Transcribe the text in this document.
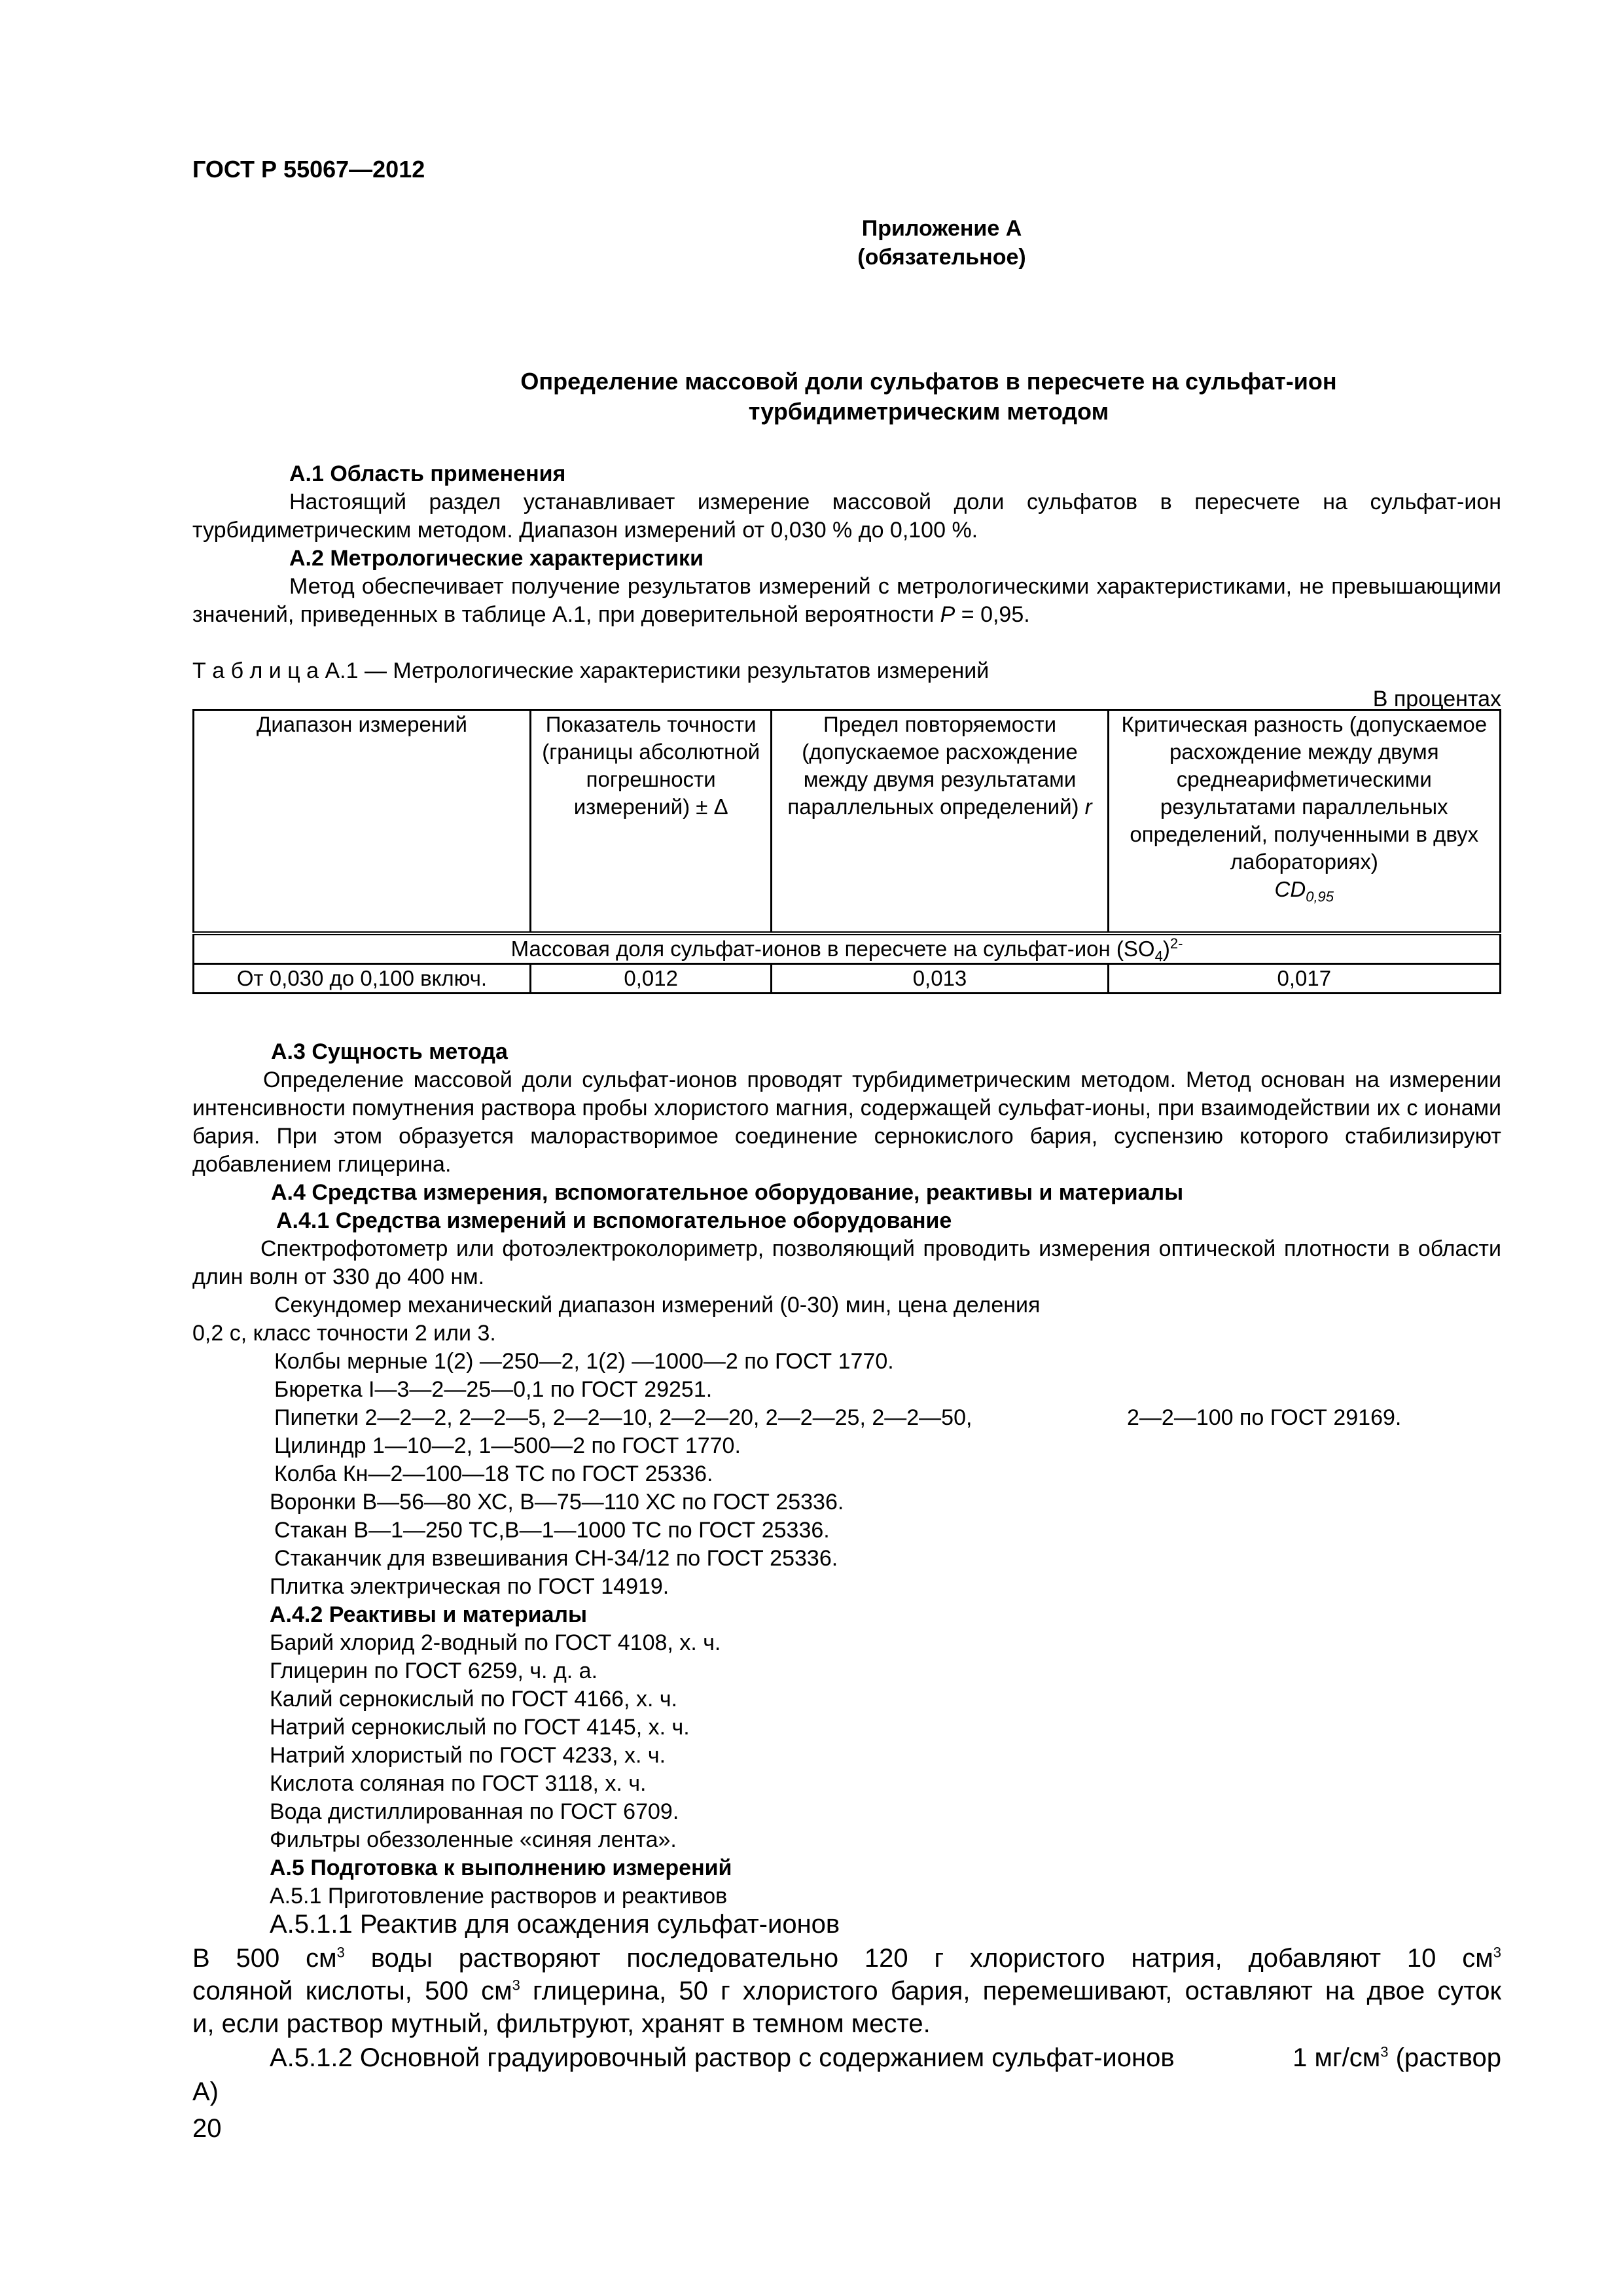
ГОСТ Р 55067—2012
Приложение А
(обязательное)
Определение массовой доли сульфатов в пересчете на сульфат-ион
турбидиметрическим методом
А.1 Область применения
Настоящий раздел устанавливает измерение массовой доли сульфатов в пересчете на сульфат-ион турбидиметрическим методом. Диапазон измерений от 0,030 % до 0,100 %.
А.2 Метрологические характеристики
Метод обеспечивает получение результатов измерений с метрологическими характеристиками, не превышающими значений, приведенных в таблице А.1, при доверительной вероятности Р = 0,95.
Т а б л и ц а А.1 — Метрологические характеристики результатов измерений
В процентах
Диапазон измерений	Показатель точности (границы абсолютной погрешности измерений) ± Δ	Предел повторяемости (допускаемое расхождение между двумя результатами параллельных определений) r	Критическая разность (допускаемое расхождение между двумя среднеарифметическими результатами параллельных определений, полученными в двух лабораториях)
$CD_{0,95}$
Массовая доля сульфат-ионов в пересчете на сульфат-ион $(SO_4)^{2-}$
От 0,030 до 0,100 включ.	0,012	0,013	0,017
А.3 Сущность метода
Определение массовой доли сульфат-ионов проводят турбидиметрическим методом. Метод основан на измерении интенсивности помутнения раствора пробы хлористого магния, содержащей сульфат-ионы, при взаимодействии их с ионами бария. При этом образуется малорастворимое соединение сернокислого бария, суспензию которого стабилизируют добавлением глицерина.
А.4 Средства измерения, вспомогательное оборудование, реактивы и материалы
А.4.1 Средства измерений и вспомогательное оборудование
Спектрофотометр или фотоэлектроколориметр, позволяющий проводить измерения оптической плотности в области длин волн от 330 до 400 нм.
Секундомер механический диапазон измерений (0-30) мин, цена деления
0,2 с, класс точности 2 или 3.
Колбы мерные 1(2) —250—2, 1(2) —1000—2 по ГОСТ 1770.
Бюретка I—3—2—25—0,1 по ГОСТ 29251.
Пипетки 2—2—2, 2—2—5, 2—2—10, 2—2—20, 2—2—25, 2—2—50,	2—2—100 по ГОСТ 29169.
Цилиндр 1—10—2, 1—500—2 по ГОСТ 1770.
Колба Кн—2—100—18 ТС по ГОСТ 25336.
Воронки В—56—80 ХС, В—75—110 ХС по ГОСТ 25336.
Стакан В—1—250 ТС,В—1—1000 ТС по ГОСТ 25336.
Стаканчик для взвешивания СН-34/12 по ГОСТ 25336.
Плитка электрическая по ГОСТ 14919.
А.4.2 Реактивы и материалы
Барий хлорид 2-водный по ГОСТ 4108, х. ч.
Глицерин по ГОСТ 6259, ч. д. а.
Калий сернокислый по ГОСТ 4166, х. ч.
Натрий сернокислый по ГОСТ 4145, х. ч.
Натрий хлористый по ГОСТ 4233, х. ч.
Кислота соляная по ГОСТ 3118, х. ч.
Вода дистиллированная по ГОСТ 6709.
Фильтры обеззоленные «синяя лента».
А.5 Подготовка к выполнению измерений
А.5.1 Приготовление растворов и реактивов
А.5.1.1 Реактив для осаждения сульфат-ионов
В 500 $см^3$ воды растворяют последовательно 120 г хлористого натрия, добавляют 10 $см^3$
соляной кислоты, 500 $см^3$ глицерина, 50 г хлористого бария, перемешивают, оставляют на двое суток
и, если раствор мутный, фильтруют, хранят в темном месте.
А.5.1.2 Основной градуировочный раствор с содержанием сульфат-ионов	1 $мг/см^3$ (раствор
А)
20
